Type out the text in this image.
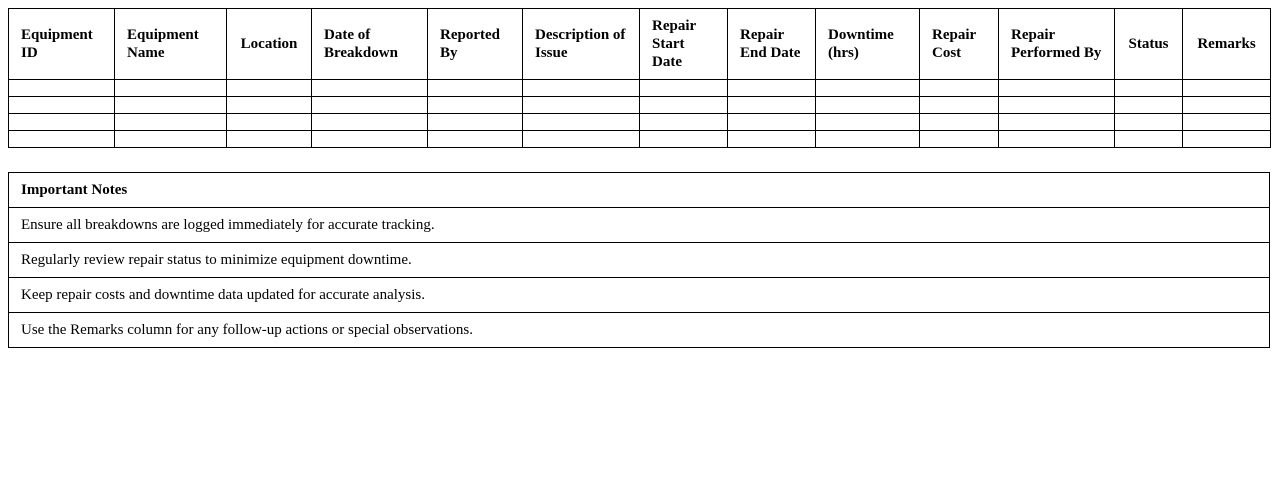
Equipment ID	Equipment Name	Location	Date of Breakdown	Reported By	Description of Issue	Repair Start Date	Repair End Date	Downtime (hrs)	Repair Cost	Repair Performed By	Status	Remarks

Important Notes
Ensure all breakdowns are logged immediately for accurate tracking.
Regularly review repair status to minimize equipment downtime.
Keep repair costs and downtime data updated for accurate analysis.
Use the Remarks column for any follow-up actions or special observations.
